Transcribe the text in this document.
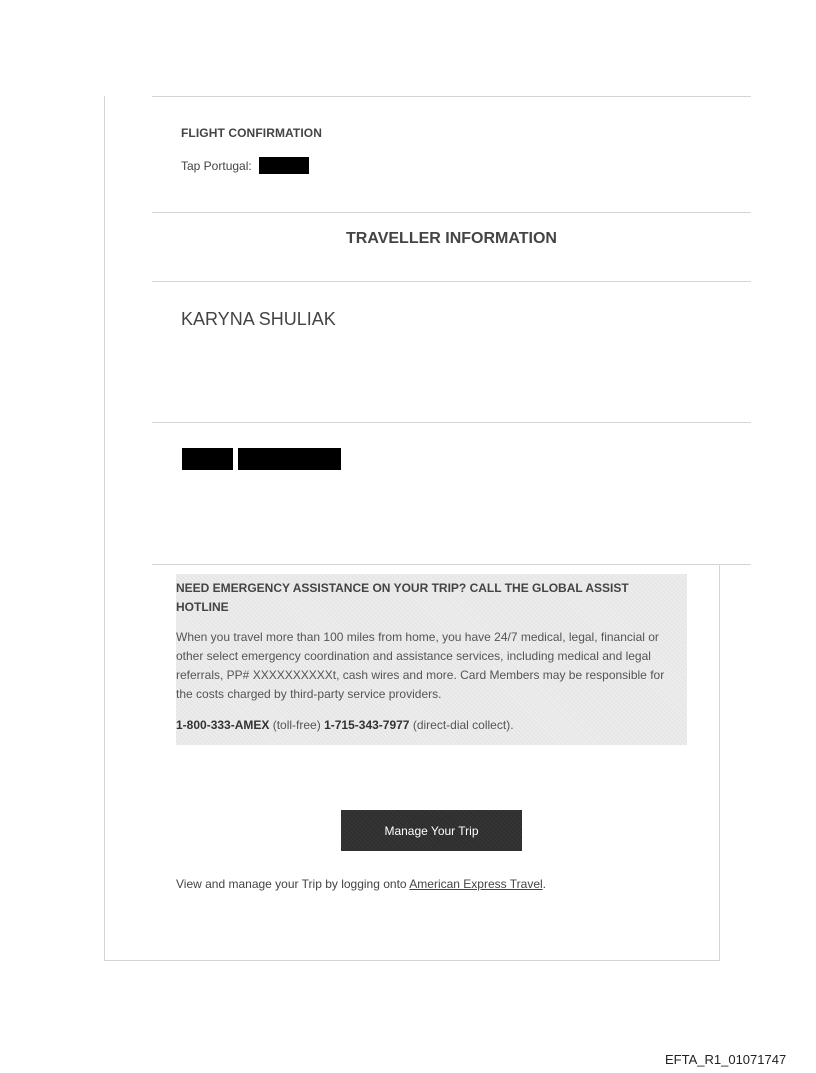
FLIGHT CONFIRMATION
Tap Portugal:
TRAVELLER INFORMATION
KARYNA SHULIAK
NEED EMERGENCY ASSISTANCE ON YOUR TRIP? CALL THE GLOBAL ASSIST HOTLINE
When you travel more than 100 miles from home, you have 24/7 medical, legal, financial or other select emergency coordination and assistance services, including medical and legal referrals, PP# XXXXXXXXXXt, cash wires and more. Card Members may be responsible for the costs charged by third-party service providers.
1-800-333-AMEX (toll-free) 1-715-343-7977 (direct-dial collect).
Manage Your Trip
View and manage your Trip by logging onto American Express Travel.
EFTA_R1_01071747
